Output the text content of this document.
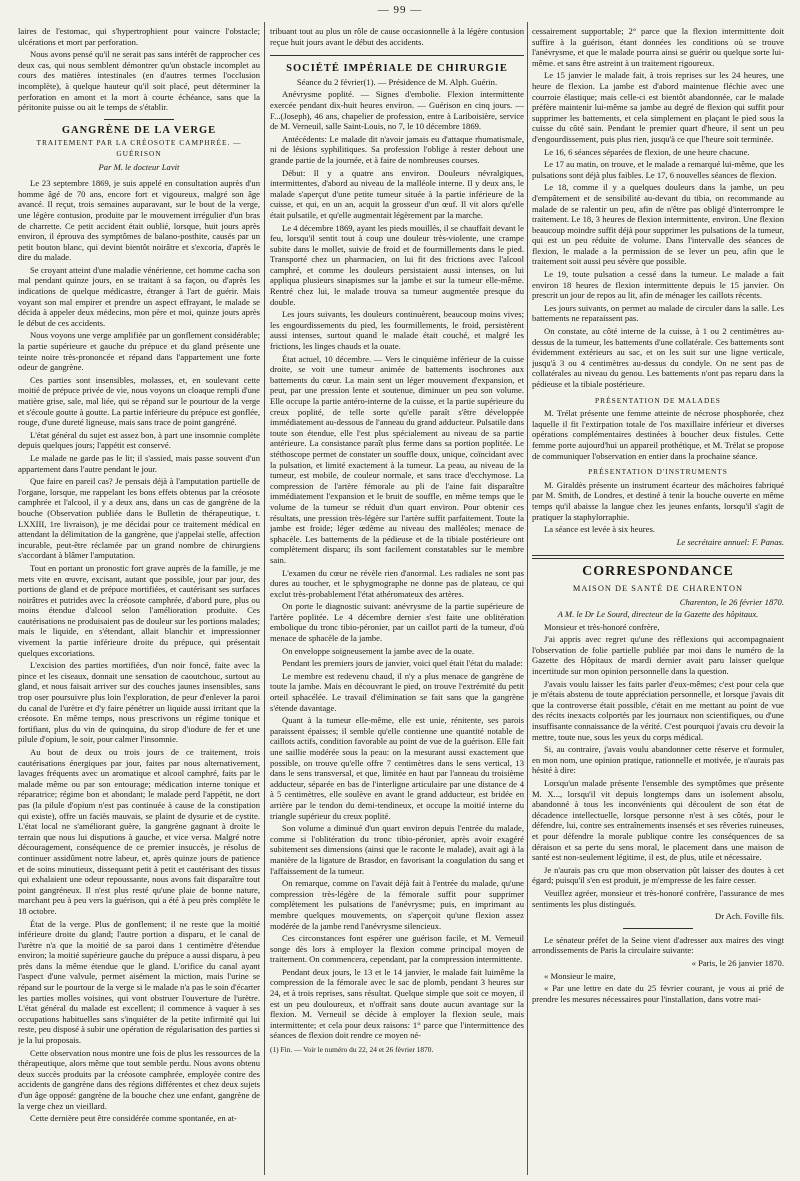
— 99 —

laires de l'estomac, qui s'hypertrophient pour vaincre l'obstacle; ulcérations et mort par perforation.

Nous avons pensé qu'il ne serait pas sans intérêt de rapprocher ces deux cas, qui nous semblent démontrer qu'un obstacle incomplet au cours des matières intestinales (en d'autres termes l'occlusion incomplète), à quelque hauteur qu'il soit placé, peut déterminer la perforation en amont et la mort à courte échéance, sans que la péritonite puisse ou ait le temps de s'établir.

GANGRÈNE DE LA VERGE
TRAITEMENT PAR LA CRÉOSOTE CAMPHRÉE. — GUÉRISON
Par M. le docteur Lavit

Le 23 septembre 1869, je suis appelé en consultation auprès d'un homme âgé de 70 ans, encore fort et vigoureux, malgré son âge avancé. Il reçut, trois semaines auparavant, sur le bout de la verge, une légère contusion, produite par le mouvement irrégulier d'un bras de charrette. Ce petit accident était oublié, lorsque, huit jours après environ, il éprouva des symptômes de balano-posthite, causés par un petit bouton blanc, qui devint bientôt noirâtre et s'excoria, d'après le dire du malade.

Se croyant atteint d'une maladie vénérienne, cet homme cacha son mal pendant quinze jours, en se traitant à sa façon, ou d'après les indications de quelque médicastre, étranger à l'art de guérir. Mais voyant son mal empirer et prendre un aspect effrayant, le malade se décida à appeler deux médecins, mon père et moi, quinze jours après le début de ces accidents.

Nous voyons une verge amplifiée par un gonflement considérable; la partie supérieure et gauche du prépuce et du gland présente une teinte noire très-prononcée et répand dans l'appartement une forte odeur de gangrène.

Ces parties sont insensibles, molasses, et, en soulevant cette moitié de prépuce privée de vie, nous voyons un cloaque rempli d'une matière grise, sale, mal liée, qui se répand sur le pourtour de la verge et s'écoule goutte à goutte. La partie inférieure du prépuce est gonflée, rouge, d'une dureté ligneuse, mais sans trace de point gangréné.

L'état général du sujet est assez bon, à part une insomnie complète depuis quelques jours; l'appétit est conservé.

Le malade ne garde pas le lit; il s'assied, mais passe souvent d'un appartement dans l'autre pendant le jour.

Que faire en pareil cas? Je pensais déjà à l'amputation partielle de l'organe, lorsque, me rappelant les bons effets obtenus par la créosote camphrée et l'alcool, il y a deux ans, dans un cas de gangrène de la bouche (Observation publiée dans le Bulletin de thérapeutique, t. LXXIII, 1re livraison), je me décidai pour ce traitement médical en attendant la délimitation de la gangrène, que j'appelai stelle, affection incurable, peut-être réclamée par un grand nombre de chirurgiens s'accordant à blâmer l'amputation.

Tout en portant un pronostic fort grave auprès de la famille, je me mets vite en œuvre, excisant, autant que possible, jour par jour, des portions de gland et de prépuce mortifiées, et cautérisant ses surfaces noirâtres et putrides avec la créosote camphrée, d'abord pure, plus ou moins étendue d'alcool selon l'amélioration produite. Ces cautérisations ne produisaient pas de douleur sur les portions malades; mais le liquide, en s'étendant, allait blanchir et impressionner vivement la partie inférieure droite du prépuce, qui présentait quelques excoriations.

L'excision des parties mortifiées, d'un noir foncé, faite avec la pince et les ciseaux, donnait une sensation de caoutchouc, surtout au gland, et nous faisait arriver sur des couches jaunes insensibles, sans trop oser poursuivre plus loin l'exploration, de peur d'enlever la paroi du canal de l'urètre et d'y faire pénétrer un liquide aussi irritant que la créosote. En même temps, nous prescrivons un régime tonique et fortifiant, plus du vin de quinquina, du sirop d'iodure de fer et une pilule d'opium, le soir, pour calmer l'insomnie.

Au bout de deux ou trois jours de ce traitement, trois cautérisations énergiques par jour, faites par nous alternativement, lavages fréquents avec un aromatique et alcool camphré, faits par le malade même ou par son entourage; médication interne tonique et réparatrice; régime bon et abondant; le malade perd l'appétit, ne dort pas (la pilule d'opium n'est pas continuée à cause de la constipation qui existe), offre un faciès mauvais, se plaint de dysurie et de cystite. L'état local ne s'améliorant guère, la gangrène gagnant à droite le terrain que nous lui disputions à gauche, et vice versa. Malgré notre découragement, conséquence de ce premier insuccès, je résolus de continuer assidûment notre labeur, et, après quinze jours de patience et de soins minutieux, dissequant petit à petit et cautérisant des tissus qui exhalaient une odeur repoussante, nous avons fait disparaître tout point gangréneux. Il n'est plus resté qu'une plaie de bonne nature, marchant peu à peu vers la guérison, qui a été à peu près complète le 18 octobre.

État de la verge. Plus de gonflement; il ne reste que la moitié inférieure droite du gland; l'autre portion a disparu, et le canal de l'urètre n'a que la moitié de sa paroi dans 1 centimètre d'étendue environ; la moitié supérieure gauche du prépuce a aussi disparu, à peu près dans la même étendue que le gland. L'orifice du canal ayant l'aspect d'une valvule, permet aisément la miction, mais l'urine se répand sur le pourtour de la verge si le malade n'a pas le soin d'écarter les parties molles voisines, qui vont obstruer l'ouverture de l'urètre. L'état général du malade est excellent; il commence à vaquer à ses occupations habituelles sans s'inquiéter de la petite infirmité qui lui reste, peu disposé à subir une opération de régularisation des parties si je la lui proposais.

Cette observation nous montre une fois de plus les ressources de la thérapeutique, alors même que tout semble perdu. Nous avons obtenu deux succès produits par la créosote camphrée, employée contre des accidents de gangrène dans des régions différentes et chez deux sujets d'un âge opposé: gangrène de la bouche chez une enfant, gangrène de la verge chez un vieillard.

Cette dernière peut être considérée comme spontanée, en at-

tribuant tout au plus un rôle de cause occasionnelle à la légère contusion reçue huit jours avant le début des accidents.

SOCIÉTÉ IMPÉRIALE DE CHIRURGIE

Séance du 2 février(1). — Présidence de M. Alph. Guérin.

Anévrysme poplité. — Signes d'embolie. Flexion intermittente exercée pendant dix-huit heures environ. — Guérison en cinq jours. — F...(Joseph), 46 ans, chapelier de profession, entre à Lariboisière, service de M. Verneuil, salle Saint-Louis, no 7, le 10 décembre 1869.

Antécédents: Le malade dit n'avoir jamais eu d'attaque rhumatismale, ni de lésions syphilitiques. Sa profession l'oblige à rester debout une grande partie de la journée, et à faire de nombreuses courses.

Début: Il y a quatre ans environ. Douleurs névralgiques, intermittentes, d'abord au niveau de la malléole interne. Il y deux ans, le malade s'aperçut d'une petite tumeur située à la partie inférieure de la cuisse, et qui, en un an, acquit la grosseur d'un œuf. Il vit alors qu'elle était pulsatile, et qu'elle augmentait légèrement par la marche.

Le 4 décembre 1869, ayant les pieds mouillés, il se chauffait devant le feu, lorsqu'il sentit tout à coup une douleur très-violente, une crampe subite dans le mollet, suivie de froid et de fourmillements dans le pied. Transporté chez un pharmacien, on lui fit des frictions avec l'alcool camphré, et comme les douleurs persistaient aussi intenses, on lui appliqua plusieurs sinapismes sur la jambe et sur la tumeur elle-même. Rentré chez lui, le malade trouva sa tumeur augmentée presque du double.

Les jours suivants, les douleurs continuèrent, beaucoup moins vives; les engourdissements du pied, les fourmillements, le froid, persistèrent aussi intenses, surtout quand le malade était couché, et malgré les frictions, les linges chauds et la ouate.

État actuel, 10 décembre. — Vers le cinquième inférieur de la cuisse droite, se voit une tumeur animée de battements isochrones aux battements du cœur. La main sent un léger mouvement d'expansion, et peut, par une pression lente et soutenue, diminuer un peu son volume. Elle occupe la partie antéro-interne de la cuisse, et la partie supérieure du creux poplité, de telle sorte qu'elle paraît s'être développée immédiatement au-dessous de l'anneau du grand adducteur. Pulsatile dans toute son étendue, elle l'est plus spécialement au niveau de sa partie antérieure. La consistance paraît plus ferme dans sa portion poplitée. Le stéthoscope permet de constater un souffle doux, unique, coïncidant avec la pulsation, et limité exactement à la tumeur. La peau, au niveau de la tumeur, est mobile, de couleur normale, et sans trace d'ecchymose. La compression de l'artère fémorale au pli de l'aine fait disparaître immédiatement l'expansion et le bruit de souffle, en même temps que le volume de la tumeur se réduit d'un quart environ. Pour obtenir ces résultats, une pression très-légère sur l'artère suffit parfaitement. Toute la jambe est froide; léger œdème au niveau des malléoles; menace de sphacèle. Les battements de la pédieuse et de la tibiale postérieure ont complètement disparu; ils sont facilement constatables sur le membre sain.

L'examen du cœur ne révèle rien d'anormal. Les radiales ne sont pas dures au toucher, et le sphygmographe ne donne pas de plateau, ce qui exclut très-probablement l'état athéromateux des artères.

On porte le diagnostic suivant: anévrysme de la partie supérieure de l'artère poplitée. Le 4 décembre dernier s'est faite une oblitération embolique du tronc tibio-péronier, par un caillot parti de la tumeur, d'où menace de sphacèle de la jambe.

On enveloppe soigneusement la jambe avec de la ouate.

Pendant les premiers jours de janvier, voici quel était l'état du malade:

Le membre est redevenu chaud, il n'y a plus menace de gangrène de toute la jambe. Mais en découvrant le pied, on trouve l'extrémité du petit orteil sphacélée. Le travail d'élimination se fait sans que la gangrène s'étende davantage.

Quant à la tumeur elle-même, elle est unie, rénitente, ses parois paraissent épaisses; il semble qu'elle contienne une quantité notable de caillots actifs, condition favorable au point de vue de la guérison. Elle fait une saillie modérée sous la peau: on la mesurant aussi exactement que possible, on trouve qu'elle offre 7 centimètres dans le sens vertical, 13 dans le sens transversal, et que, limitée en haut par l'anneau du troisième adducteur, séparée en bas de l'interligne articulaire par une distance de 4 à 5 centimètres, elle soulève en avant le grand adducteur, est bridée en arrière par le tendon du demi-tendineux, et occupe la moitié interne du triangle supérieur du creux poplité.

Son volume a diminué d'un quart environ depuis l'entrée du malade, comme si l'oblitération du tronc tibio-péronier, après avoir exagéré subitement ses dimensions (ainsi que le raconte le malade), avait agi à la manière de la ligature de Brasdor, en favorisant la coagulation du sang et l'affaissement de la tumeur.

On remarque, comme on l'avait déjà fait à l'entrée du malade, qu'une compression très-légère de la fémorale suffit pour supprimer complètement les pulsations de l'anévrysme; puis, en imprimant au membre quelques mouvements, on s'aperçoit qu'une flexion assez modérée de la jambe rend l'anévrysme silencieux.

Ces circonstances font espérer une guérison facile, et M. Verneuil songe dès lors à employer la flexion comme principal moyen de traitement. On commencera, cependant, par la compression intermittente.

Pendant deux jours, le 13 et le 14 janvier, le malade fait luimême la compression de la fémorale avec le sac de plomb, pendant 3 heures sur 24, et à trois reprises, sans résultat. Quelque simple que soit ce moyen, il est un peu douloureux, et n'offrait sans doute aucun avantage sur la flexion. M. Verneuil se décide à employer la flexion seule, mais intermittente; et cela pour deux raisons: 1° parce que l'intermittence des séances de flexion doit rendre ce moyen né-

(1) Fin. — Voir le numéro du 22, 24 et 26 février 1870.

cessairement supportable; 2° parce que la flexion intermittente doit suffire à la guérison, étant données les conditions où se trouve l'anévrysme, et que le malade pourra ainsi se guérir ou quelque sorte lui-même. et sans être astreint à un traitement rigoureux.

Le 15 janvier le malade fait, à trois reprises sur les 24 heures, une heure de flexion. La jambe est d'abord maintenue fléchie avec une courroie élastique; mais celle-ci est bientôt abandonnée, car le malade préfère maintenir lui-même sa jambe au degré de flexion qui suffit pour supprimer les battements, et cela simplement en plaçant le pied sous la cuisse du côté sain. Pendant le premier quart d'heure, il sent un peu d'engourdissement, puis plus rien, jusqu'à ce que l'heure soit terminée.

Le 16, 6 séances séparées de flexion, de une heure chacune.

Le 17 au matin, on trouve, et le malade a remarqué lui-même, que les pulsations sont déjà plus faibles. Le 17, 6 nouvelles séances de flexion.

Le 18, comme il y a quelques douleurs dans la jambe, un peu d'empâtement et de sensibilité au-devant du tibia, on recommande au malade de se ralentir un peu, afin de n'être pas obligé d'interrompre le traitement. Le 18, 3 heures de flexion intermittente, environ. Une flexion beaucoup moindre suffit déjà pour supprimer les pulsations de la tumeur, qui est un peu réduite de volume. Dans l'intervalle des séances de flexion, le malade a la permission de se lever un peu, afin que le traitement soit aussi peu sévère que possible.

Le 19, toute pulsation a cessé dans la tumeur. Le malade a fait environ 18 heures de flexion intermittente depuis le 15 janvier. On prescrit un jour de repos au lit, afin de ménager les caillots récents.

Les jours suivants, on permet au malade de circuler dans la salle. Les battements ne reparaissent pas.

On constate, au côté interne de la cuisse, à 1 ou 2 centimètres au-dessus de la tumeur, les battements d'une collatérale. Ces battements sont évidemment extérieurs au sac, et on les suit sur une ligne verticale, jusqu'à 3 ou 4 centimètres au-dessus du condyle. On ne sent pas de collatérales au niveau du genou. Les battements n'ont pas reparu dans la pédieuse et la tibiale postérieure.

PRÉSENTATION DE MALADES

M. Trélat présente une femme atteinte de nécrose phosphorée, chez laquelle il fit l'extirpation totale de l'os maxillaire inférieur et diverses opérations complémentaires destinées à boucher deux fistules. Cette femme porte aujourd'hui un appareil prothétique, et M. Trélat se propose de communiquer l'observation en entier dans la prochaine séance.

PRÉSENTATION D'INSTRUMENTS

M. Giraldès présente un instrument écarteur des mâchoires fabriqué par M. Smith, de Londres, et destiné à tenir la bouche ouverte en même temps qu'il abaisse la langue chez les jeunes enfants, lorsqu'il s'agit de pratiquer la staphylorraphie.

La séance est levée à six heures.

Le secrétaire annuel: F. Panas.

CORRESPONDANCE
MAISON DE SANTÉ DE CHARENTON

Charenton, le 26 février 1870.

A M. le Dr Le Sourd, directeur de la Gazette des hôpitaux.

Monsieur et très-honoré confrère,

J'ai appris avec regret qu'une des réflexions qui accompagnaient l'observation de folie partielle publiée par moi dans le numéro de la Gazette des Hôpitaux de mardi dernier avait paru laisser quelque incertitude sur mon opinion personnelle dans la question.

J'avais voulu laisser les faits parler d'eux-mêmes; c'est pour cela que je m'étais abstenu de toute appréciation personnelle, et lorsque j'avais dit que la controverse était possible, c'était en me mettant au point de vue des récits inexacts colportés par les journaux non scientifiques, ou d'une insuffisante connaissance de la vérité. C'est pourquoi j'avais cru devoir la mettre, toute nue, sous les yeux du corps médical.

Si, au contraire, j'avais voulu abandonner cette réserve et formuler, en mon nom, une opinion pratique, rationnelle et motivée, je n'aurais pas hésité à dire:

Lorsqu'un malade présente l'ensemble des symptômes que présente M. X..., lorsqu'il vit depuis longtemps dans un isolement absolu, abandonné à tous les inconvénients qui découlent de son état de décadence intellectuelle, lorsque personne n'est à ses côtés, pour le défendre, lui, contre ses entraînements insensés et ses rêveries ruineuses, et pour défendre la morale publique contre les conséquences de sa déraison et sa perte du sens moral, le placement dans une maison de santé est non-seulement légitime, il est, de plus, utile et nécessaire.

Je n'aurais pas cru que mon observation pût laisser des doutes à cet égard; puisqu'il s'en est produit, je m'empresse de les faire cesser.

Veuillez agréer, monsieur et très-honoré confrère, l'assurance de mes sentiments les plus distingués.

Dr Ach. Foville fils.

Le sénateur préfet de la Seine vient d'adresser aux maires des vingt arrondissements de Paris la circulaire suivante:

« Paris, le 26 janvier 1870.

« Monsieur le maire,

« Par une lettre en date du 25 février courant, je vous ai prié de prendre les mesures nécessaires pour l'installation, dans votre mai-
